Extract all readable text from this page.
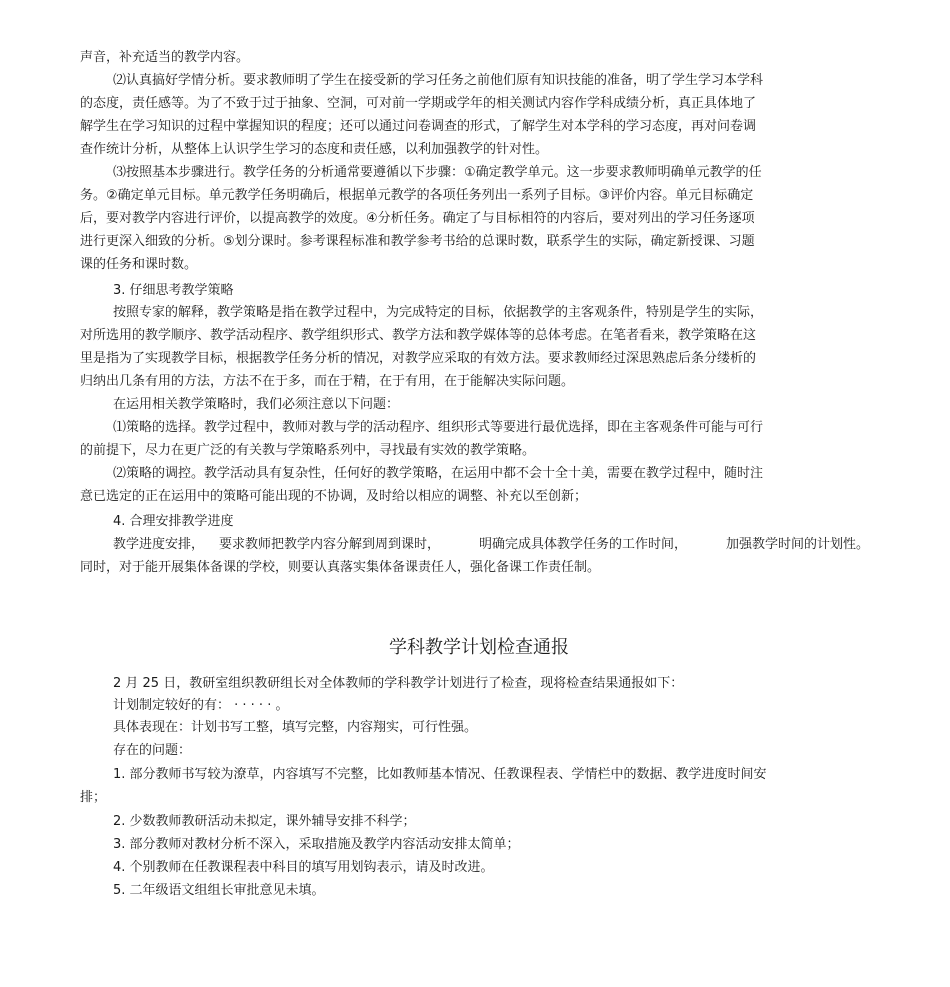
声音，补充适当的教学内容。
⑵认真搞好学情分析。要求教师明了学生在接受新的学习任务之前他们原有知识技能的准备，明了学生学习本学科
的态度，责任感等。为了不致于过于抽象、空洞，可对前一学期或学年的相关测试内容作学科成绩分析，真正具体地了
解学生在学习知识的过程中掌握知识的程度；还可以通过问卷调查的形式，了解学生对本学科的学习态度，再对问卷调
查作统计分析，从整体上认识学生学习的态度和责任感，以利加强教学的针对性。
⑶按照基本步骤进行。教学任务的分析通常要遵循以下步骤：①确定教学单元。这一步要求教师明确单元教学的任
务。②确定单元目标。单元教学任务明确后，根据单元教学的各项任务列出一系列子目标。③评价内容。单元目标确定
后，要对教学内容进行评价，以提高教学的效度。④分析任务。确定了与目标相符的内容后，要对列出的学习任务逐项
进行更深入细致的分析。⑤划分课时。参考课程标准和教学参考书给的总课时数，联系学生的实际，确定新授课、习题
课的任务和课时数。
3. 仔细思考教学策略
按照专家的解释，教学策略是指在教学过程中，为完成特定的目标，依据教学的主客观条件，特别是学生的实际，
对所选用的教学顺序、教学活动程序、教学组织形式、教学方法和教学媒体等的总体考虑。在笔者看来，教学策略在这
里是指为了实现教学目标，根据教学任务分析的情况，对教学应采取的有效方法。要求教师经过深思熟虑后条分缕析的
归纳出几条有用的方法，方法不在于多，而在于精，在于有用，在于能解决实际问题。
在运用相关教学策略时，我们必须注意以下问题：
⑴策略的选择。教学过程中，教师对教与学的活动程序、组织形式等要进行最优选择，即在主客观条件可能与可行
的前提下，尽力在更广泛的有关教与学策略系列中，寻找最有实效的教学策略。
⑵策略的调控。教学活动具有复杂性，任何好的教学策略，在运用中都不会十全十美，需要在教学过程中，随时注
意已选定的正在运用中的策略可能出现的不协调，及时给以相应的调整、补充以至创新；
4. 合理安排教学进度
教学进度安排， 要求教师把教学内容分解到周到课时，	明确完成具体教学任务的工作时间，	加强教学时间的计划性。
同时，对于能开展集体备课的学校，则要认真落实集体备课责任人，强化备课工作责任制。
学科教学计划检查通报
2 月 25 日，教研室组织教研组长对全体教师的学科教学计划进行了检查，现将检查结果通报如下：
计划制定较好的有： · · · · · 。
具体表现在：计划书写工整，填写完整，内容翔实，可行性强。
存在的问题：
1. 部分教师书写较为潦草，内容填写不完整，比如教师基本情况、任教课程表、学情栏中的数据、教学进度时间安
排；
2. 少数教师教研活动未拟定，课外辅导安排不科学；
3. 部分教师对教材分析不深入，采取措施及教学内容活动安排太简单；
4. 个别教师在任教课程表中科目的填写用划钩表示，请及时改进。
5. 二年级语文组组长审批意见未填。
